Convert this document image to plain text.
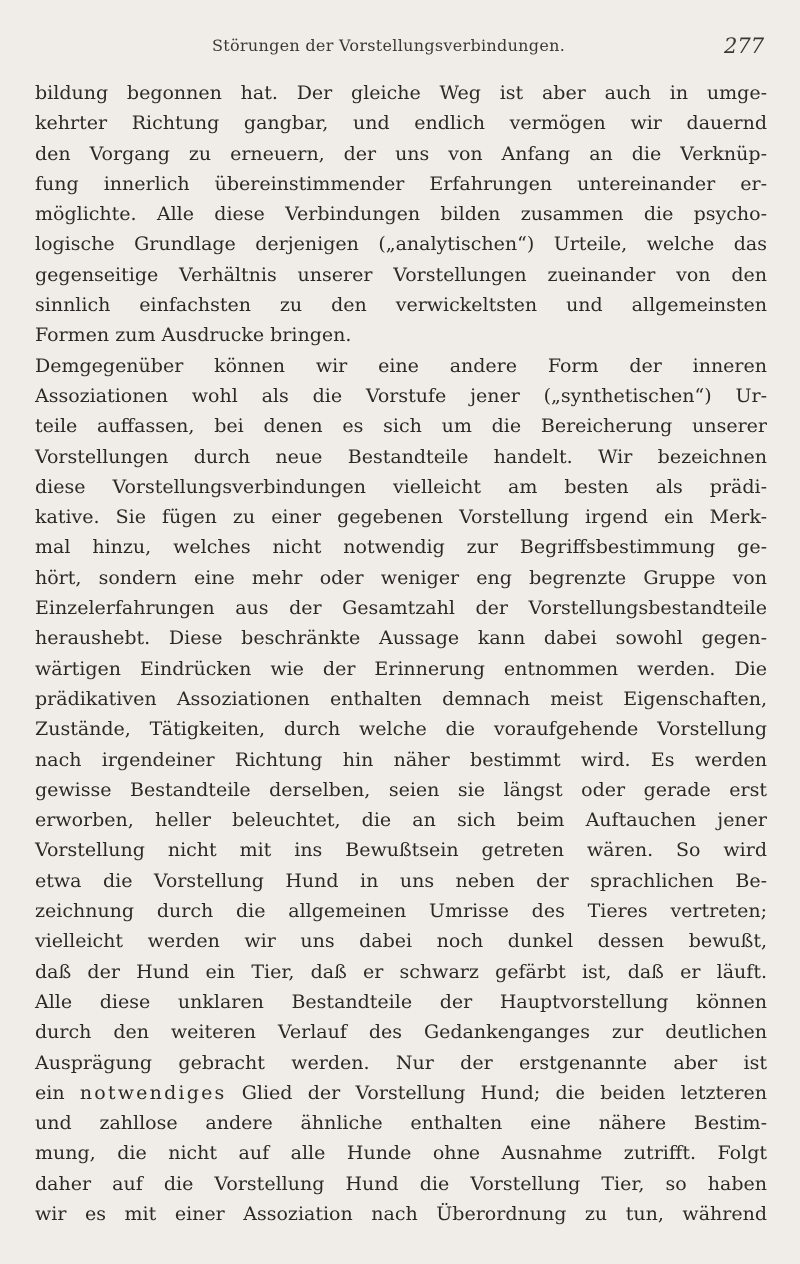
Störungen der Vorstellungsverbindungen.	277
bildung begonnen hat. Der gleiche Weg ist aber auch in umge-
kehrter Richtung gangbar, und endlich vermögen wir dauernd
den Vorgang zu erneuern, der uns von Anfang an die Verknüp-
fung innerlich übereinstimmender Erfahrungen untereinander er-
möglichte. Alle diese Verbindungen bilden zusammen die psycho-
logische Grundlage derjenigen („analytischen“) Urteile, welche das
gegenseitige Verhältnis unserer Vorstellungen zueinander von den
sinnlich einfachsten zu den verwickeltsten und allgemeinsten
Formen zum Ausdrucke bringen.
Demgegenüber können wir eine andere Form der inneren
Assoziationen wohl als die Vorstufe jener („synthetischen“) Ur-
teile auffassen, bei denen es sich um die Bereicherung unserer
Vorstellungen durch neue Bestandteile handelt. Wir bezeichnen
diese Vorstellungsverbindungen vielleicht am besten als prädi-
kative. Sie fügen zu einer gegebenen Vorstellung irgend ein Merk-
mal hinzu, welches nicht notwendig zur Begriffsbestimmung ge-
hört, sondern eine mehr oder weniger eng begrenzte Gruppe von
Einzelerfahrungen aus der Gesamtzahl der Vorstellungsbestandteile
heraushebt. Diese beschränkte Aussage kann dabei sowohl gegen-
wärtigen Eindrücken wie der Erinnerung entnommen werden. Die
prädikativen Assoziationen enthalten demnach meist Eigenschaften,
Zustände, Tätigkeiten, durch welche die voraufgehende Vorstellung
nach irgendeiner Richtung hin näher bestimmt wird. Es werden
gewisse Bestandteile derselben, seien sie längst oder gerade erst
erworben, heller beleuchtet, die an sich beim Auftauchen jener
Vorstellung nicht mit ins Bewußtsein getreten wären. So wird
etwa die Vorstellung Hund in uns neben der sprachlichen Be-
zeichnung durch die allgemeinen Umrisse des Tieres vertreten;
vielleicht werden wir uns dabei noch dunkel dessen bewußt,
daß der Hund ein Tier, daß er schwarz gefärbt ist, daß er läuft.
Alle diese unklaren Bestandteile der Hauptvorstellung können
durch den weiteren Verlauf des Gedankenganges zur deutlichen
Ausprägung gebracht werden. Nur der erstgenannte aber ist
ein notwendiges Glied der Vorstellung Hund; die beiden letzteren
und zahllose andere ähnliche enthalten eine nähere Bestim-
mung, die nicht auf alle Hunde ohne Ausnahme zutrifft. Folgt
daher auf die Vorstellung Hund die Vorstellung Tier, so haben
wir es mit einer Assoziation nach Überordnung zu tun, während
